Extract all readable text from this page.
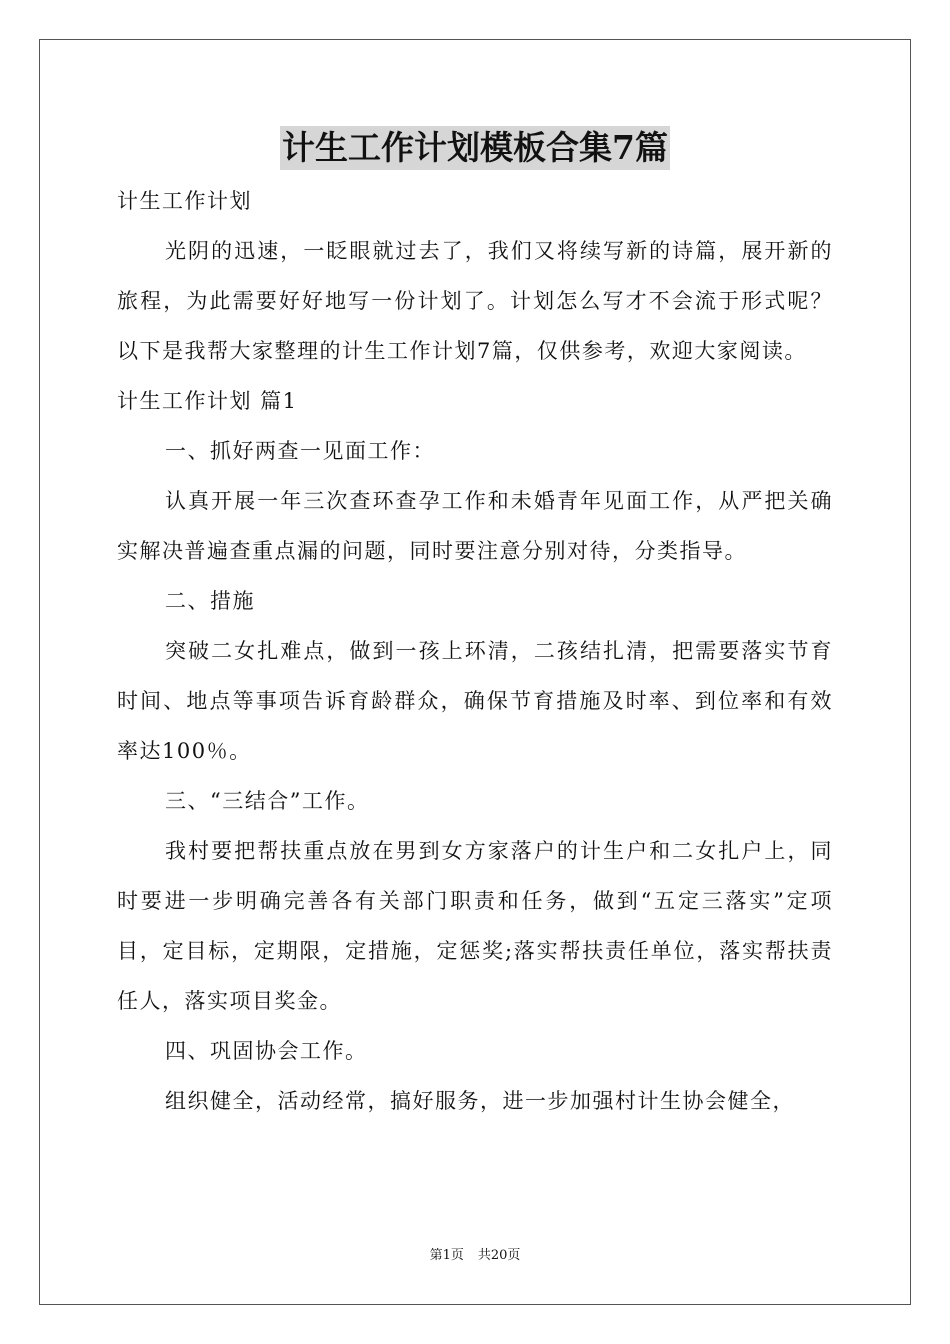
计生工作计划模板合集7篇

计生工作计划

光阴的迅速，一眨眼就过去了，我们又将续写新的诗篇，展开新的旅程，为此需要好好地写一份计划了。计划怎么写才不会流于形式呢？以下是我帮大家整理的计生工作计划7篇，仅供参考，欢迎大家阅读。

计生工作计划 篇1

一、抓好两查一见面工作：

认真开展一年三次查环查孕工作和未婚青年见面工作，从严把关确实解决普遍查重点漏的问题，同时要注意分别对待，分类指导。

二、措施

突破二女扎难点，做到一孩上环清，二孩结扎清，把需要落实节育时间、地点等事项告诉育龄群众，确保节育措施及时率、到位率和有效率达100％。

三、“三结合”工作。

我村要把帮扶重点放在男到女方家落户的计生户和二女扎户上，同时要进一步明确完善各有关部门职责和任务，做到“五定三落实”定项目，定目标，定期限，定措施，定惩奖;落实帮扶责任单位，落实帮扶责任人，落实项目奖金。

四、巩固协会工作。

组织健全，活动经常，搞好服务，进一步加强村计生协会健全，

第1页 共20页
